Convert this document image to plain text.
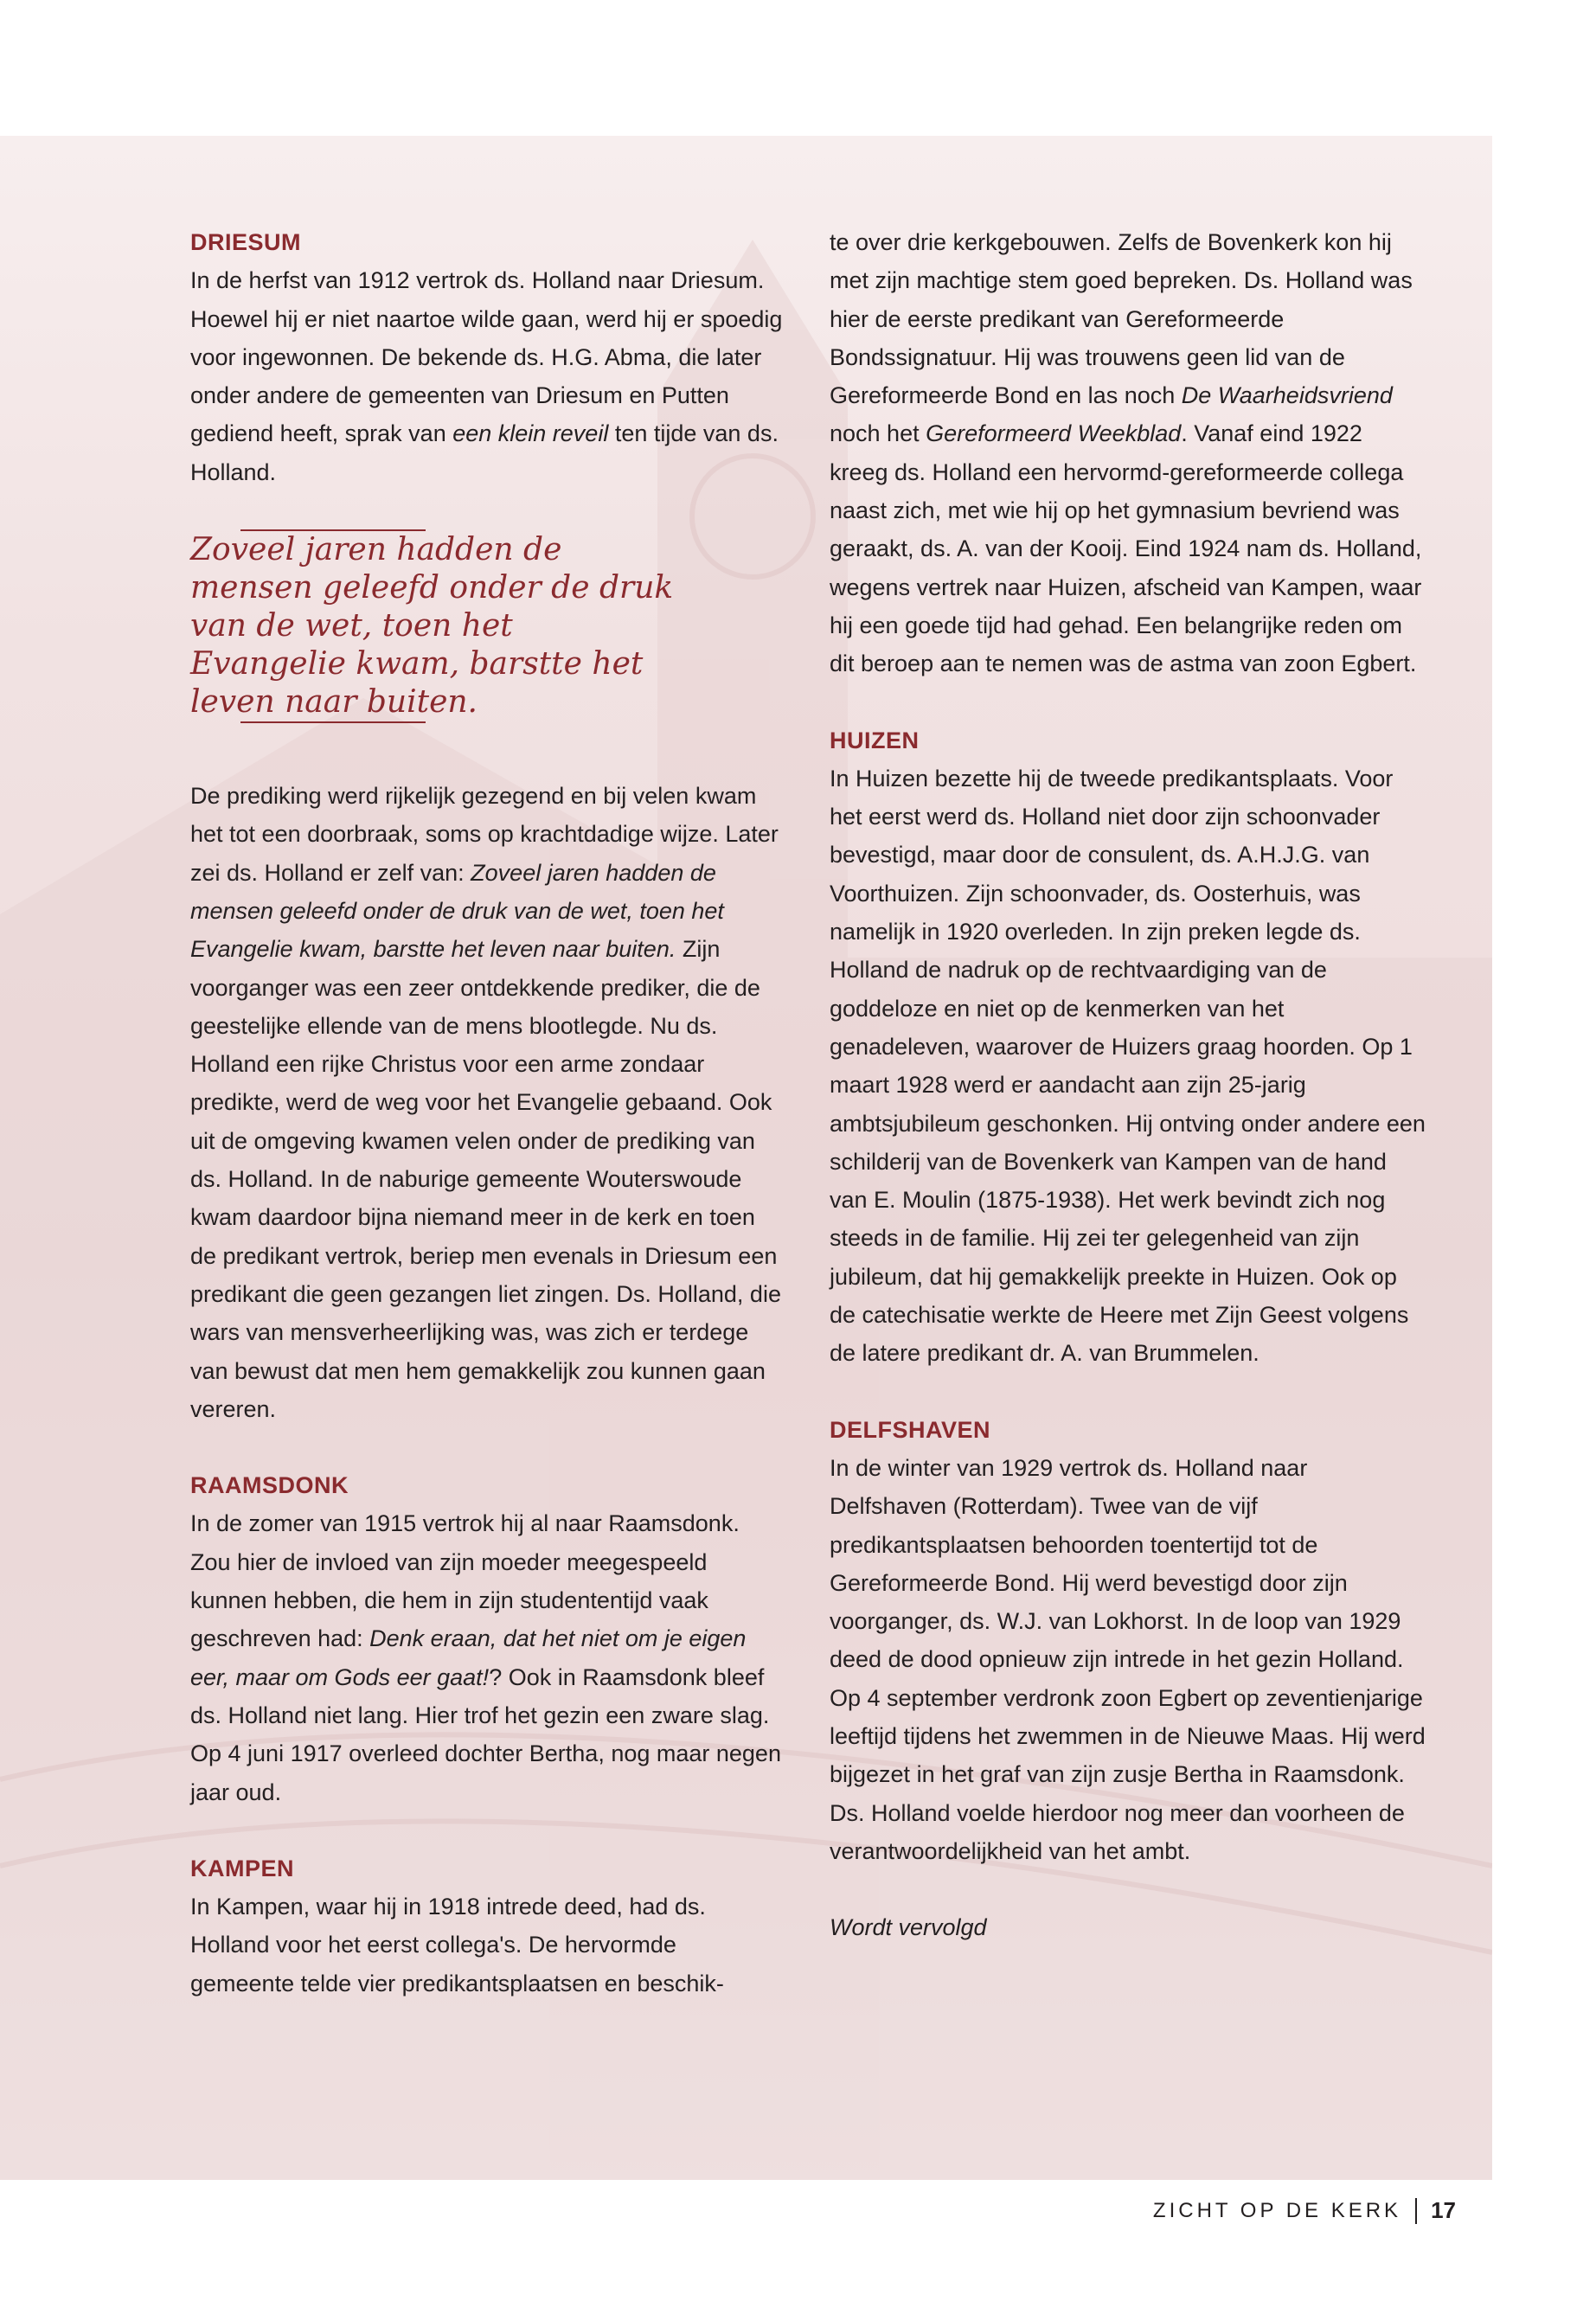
DRIESUM

In de herfst van 1912 vertrok ds. Holland naar Driesum. Hoewel hij er niet naartoe wilde gaan, werd hij er spoedig voor ingewonnen. De bekende ds. H.G. Abma, die later onder andere de gemeenten van Driesum en Putten gediend heeft, sprak van een klein reveil ten tijde van ds. Holland.

Zoveel jaren hadden de mensen geleefd onder de druk van de wet, toen het Evangelie kwam, barstte het leven naar buiten.

De prediking werd rijkelijk gezegend en bij velen kwam het tot een doorbraak, soms op krachtdadige wijze. Later zei ds. Holland er zelf van: Zoveel jaren hadden de mensen geleefd onder de druk van de wet, toen het Evangelie kwam, barstte het leven naar buiten. Zijn voorganger was een zeer ontdekkende prediker, die de geestelijke ellende van de mens blootlegde. Nu ds. Holland een rijke Christus voor een arme zondaar predikte, werd de weg voor het Evangelie gebaand. Ook uit de omgeving kwamen velen onder de prediking van ds. Holland. In de naburige gemeente Wouterswoude kwam daardoor bijna niemand meer in de kerk en toen de predikant vertrok, beriep men evenals in Driesum een predikant die geen gezangen liet zingen. Ds. Holland, die wars van mensverheerlijking was, was zich er terdege van bewust dat men hem gemakkelijk zou kunnen gaan vereren.

RAAMSDONK

In de zomer van 1915 vertrok hij al naar Raamsdonk. Zou hier de invloed van zijn moeder meegespeeld kunnen hebben, die hem in zijn studententijd vaak geschreven had: Denk eraan, dat het niet om je eigen eer, maar om Gods eer gaat!? Ook in Raamsdonk bleef ds. Holland niet lang. Hier trof het gezin een zware slag. Op 4 juni 1917 overleed dochter Bertha, nog maar negen jaar oud.

KAMPEN

In Kampen, waar hij in 1918 intrede deed, had ds. Holland voor het eerst collega's. De hervormde gemeente telde vier predikantsplaatsen en beschik-

te over drie kerkgebouwen. Zelfs de Bovenkerk kon hij met zijn machtige stem goed bepreken. Ds. Holland was hier de eerste predikant van Gereformeerde Bondssignatuur. Hij was trouwens geen lid van de Gereformeerde Bond en las noch De Waarheidsvriend noch het Gereformeerd Weekblad. Vanaf eind 1922 kreeg ds. Holland een hervormd-gereformeerde collega naast zich, met wie hij op het gymnasium bevriend was geraakt, ds. A. van der Kooij. Eind 1924 nam ds. Holland, wegens vertrek naar Huizen, afscheid van Kampen, waar hij een goede tijd had gehad. Een belangrijke reden om dit beroep aan te nemen was de astma van zoon Egbert.

HUIZEN

In Huizen bezette hij de tweede predikantsplaats. Voor het eerst werd ds. Holland niet door zijn schoonvader bevestigd, maar door de consulent, ds. A.H.J.G. van Voorthuizen. Zijn schoonvader, ds. Oosterhuis, was namelijk in 1920 overleden. In zijn preken legde ds. Holland de nadruk op de rechtvaardiging van de goddeloze en niet op de kenmerken van het genadeleven, waarover de Huizers graag hoorden. Op 1 maart 1928 werd er aandacht aan zijn 25-jarig ambtsjubileum geschonken. Hij ontving onder andere een schilderij van de Bovenkerk van Kampen van de hand van E. Moulin (1875-1938). Het werk bevindt zich nog steeds in de familie. Hij zei ter gelegenheid van zijn jubileum, dat hij gemakkelijk preekte in Huizen. Ook op de catechisatie werkte de Heere met Zijn Geest volgens de latere predikant dr. A. van Brummelen.

DELFSHAVEN

In de winter van 1929 vertrok ds. Holland naar Delfshaven (Rotterdam). Twee van de vijf predikantsplaatsen behoorden toentertijd tot de Gereformeerde Bond. Hij werd bevestigd door zijn voorganger, ds. W.J. van Lokhorst. In de loop van 1929 deed de dood opnieuw zijn intrede in het gezin Holland. Op 4 september verdronk zoon Egbert op zeventienjarige leeftijd tijdens het zwemmen in de Nieuwe Maas. Hij werd bijgezet in het graf van zijn zusje Bertha in Raamsdonk. Ds. Holland voelde hierdoor nog meer dan voorheen de verantwoordelijkheid van het ambt.

Wordt vervolgd

ZICHT OP DE KERK 17
